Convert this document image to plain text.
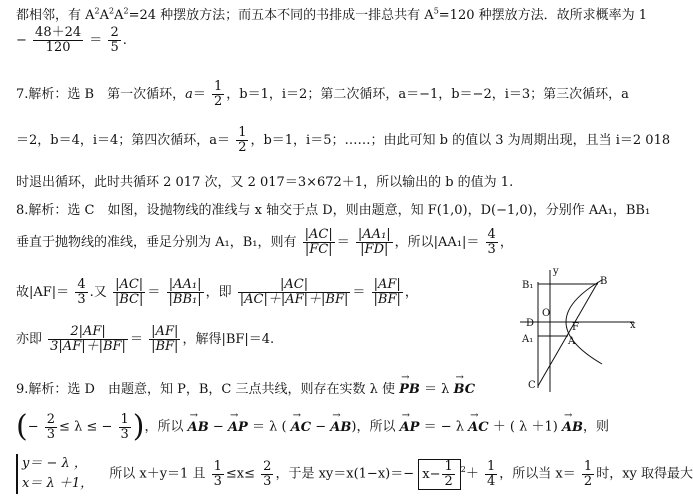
都相邻，有 $A^2A^2A^2=24$ 种摆放方法；而五本不同的书排成一排总共有 $A^5=120$ 种摆放方法．故所求概率为 1
− $\frac{48+24}{120} = \frac{2}{5}$ .
7.解析：选 B　第一次循环，$a= \frac{1}{2}$ ，b＝1，i＝2；第二次循环，a＝−1，b＝−2，i＝3；第三次循环，a
＝2，b＝4，i＝4；第四次循环，$a= \frac{1}{2}$ ，b＝1，i＝5；……；由此可知 b 的值以 3 为周期出现，且当 i＝2 018
时退出循环，此时共循环 2 017 次，又 2 017＝3×672＋1，所以输出的 b 的值为 1.
8.解析：选 C　如图，设抛物线的准线与 x 轴交于点 D，则由题意，知 F(1,0)，D(−1,0)，分别作 AA₁，BB₁
垂直于抛物线的准线，垂足分别为 A₁，B₁，则有 $\frac{|AC|}{|FC|} = \frac{\text{|AA₁|}}{|FD|}$ ，所以$|AA_1|= \frac{4}{3}$ ，
故$|AF|= \frac{4}{3}$ .又 $\frac{|AC|}{|BC|} = \frac{\text{|AA₁|}}{\text{|BB₁|}}$ ，即 $\frac{|AC|}{|AC|+|AF|+|BF|} = \frac{|AF|}{|BF|}$ ，
亦即 $\frac{2|AF|}{3|AF|+|BF|} = \frac{|AF|}{|BF|}$ ，解得|BF|＝4.
9.解析：选 D　由题意，知 P，B，C 三点共线，则存在实数 λ 使 → PB ＝ λ → BC
(− $\frac{2}{3} \le \lambda$ ≤ − $\frac{1}{3}$ )，所以 → AB − → AP ＝ λ ( → AC − → AB)，所以 → AP ＝ − λ → AC ＋ ( λ ＋1) → AB，则
y＝ − λ ，
x＝ λ ＋1，
所以 x＋y＝1 且 $\frac{1}{3} \le x\le \frac{2}{3}$ ，于是 $xy=x(1-x)=- x- \frac{1}{2} ^2+ \frac{1}{4}$ ，所以当 $x= \frac{1}{2}$ 时，xy 取得最大
y
B₁	B
O
D	F
A₁	A
x
C
